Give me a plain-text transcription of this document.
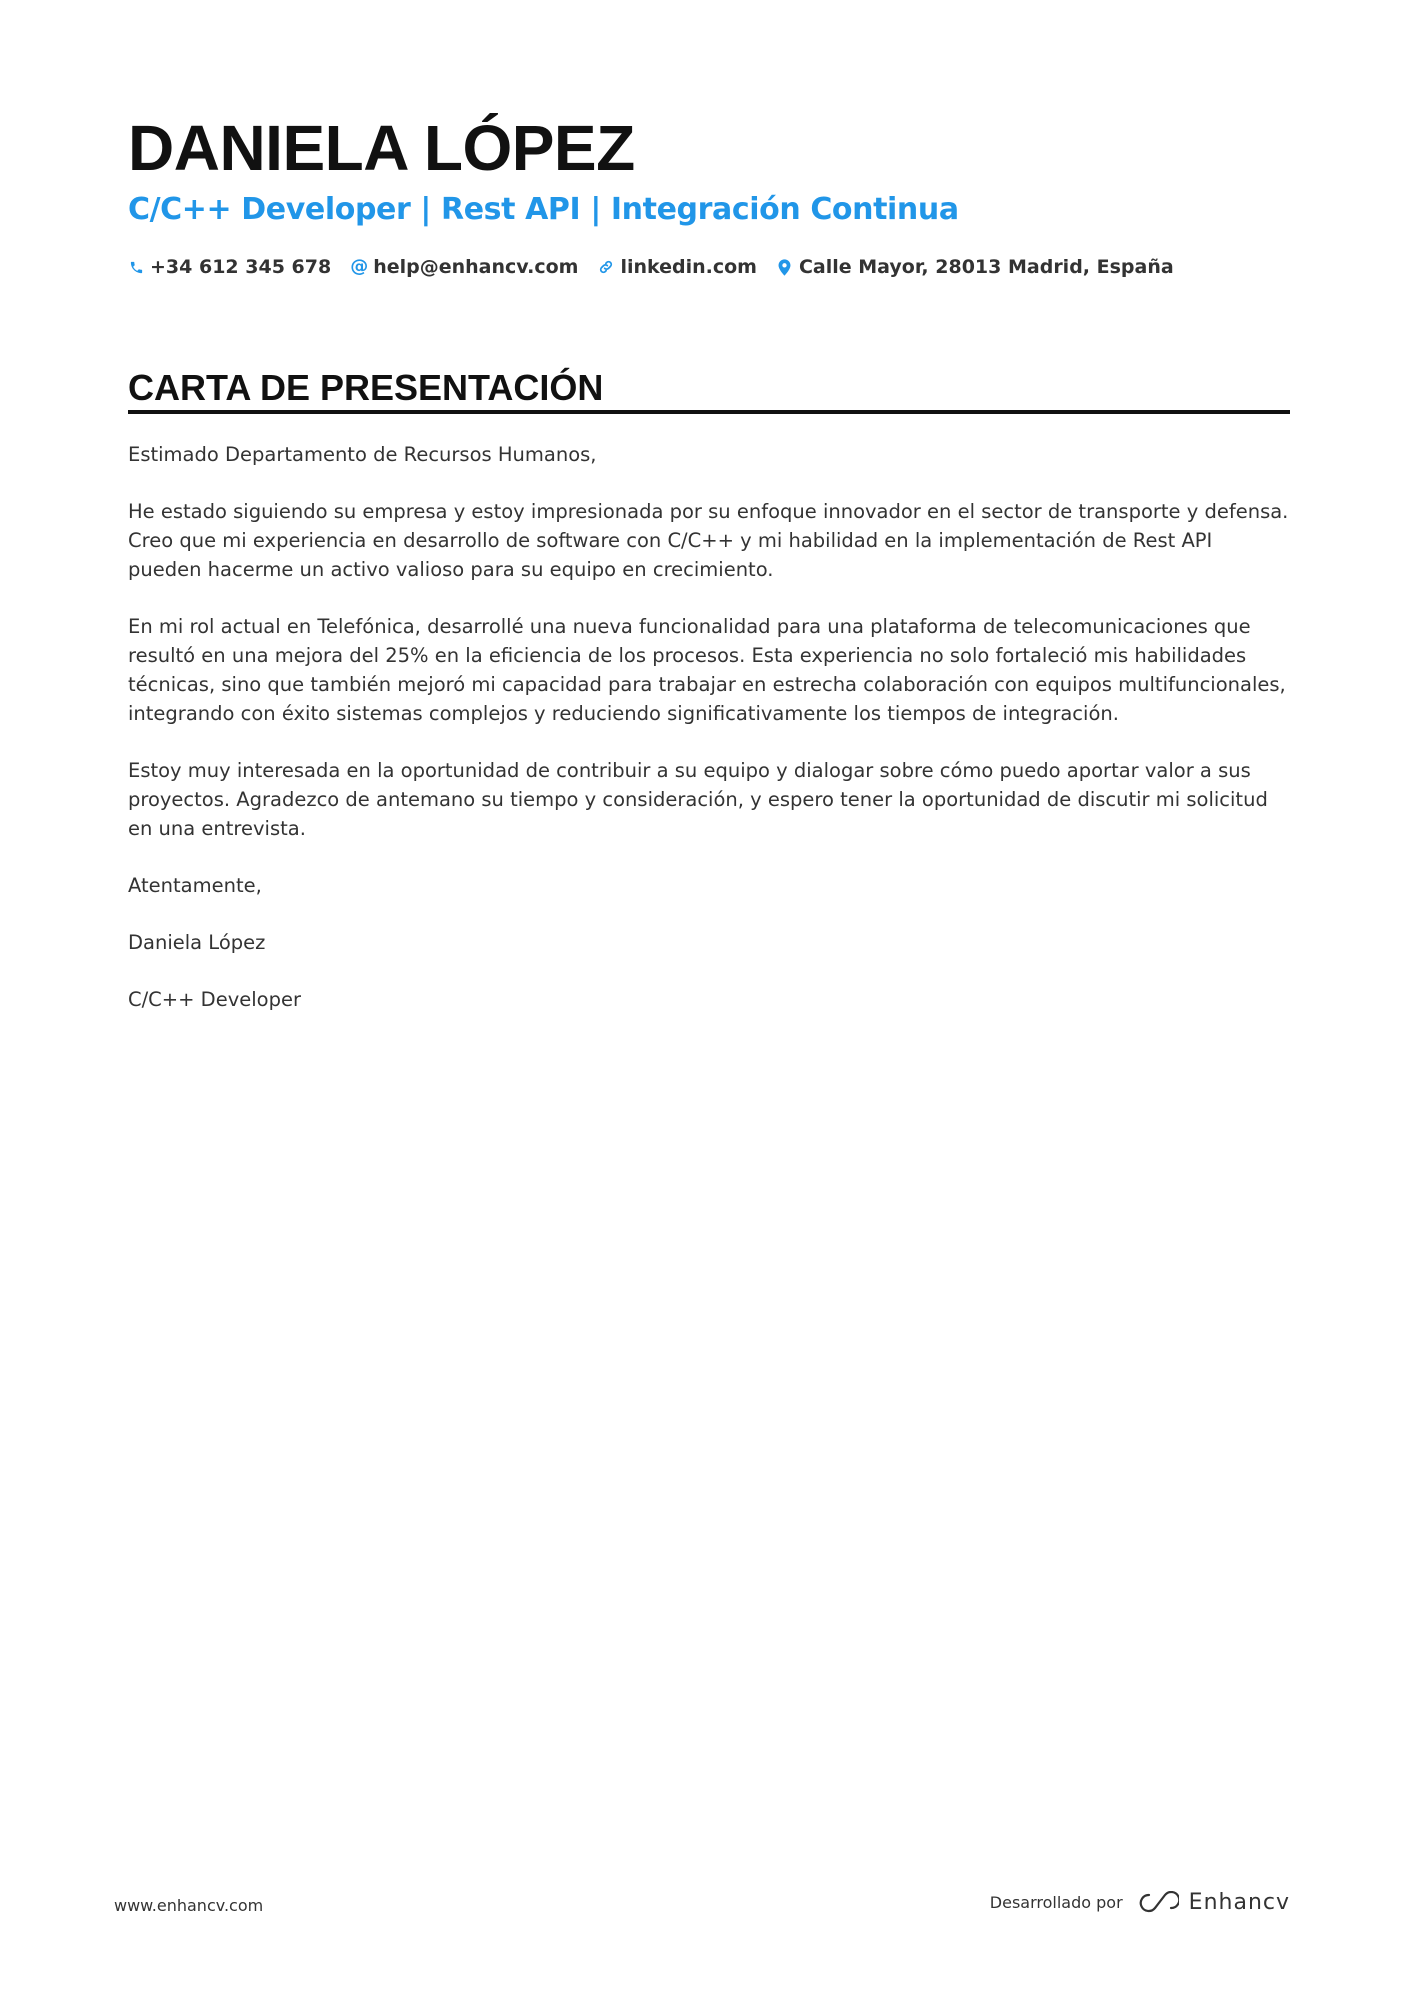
DANIELA LÓPEZ
C/C++ Developer | Rest API | Integración Continua
+34 612 345 678 @ help@enhancv.com linkedin.com Calle Mayor, 28013 Madrid, España
CARTA DE PRESENTACIÓN

Estimado Departamento de Recursos Humanos,

He estado siguiendo su empresa y estoy impresionada por su enfoque innovador en el sector de transporte y defensa. Creo que mi experiencia en desarrollo de software con C/C++ y mi habilidad en la implementación de Rest API pueden hacerme un activo valioso para su equipo en crecimiento.

En mi rol actual en Telefónica, desarrollé una nueva funcionalidad para una plataforma de telecomunicaciones que resultó en una mejora del 25% en la eficiencia de los procesos. Esta experiencia no solo fortaleció mis habilidades técnicas, sino que también mejoró mi capacidad para trabajar en estrecha colaboración con equipos multifuncionales, integrando con éxito sistemas complejos y reduciendo significativamente los tiempos de integración.

Estoy muy interesada en la oportunidad de contribuir a su equipo y dialogar sobre cómo puedo aportar valor a sus proyectos. Agradezco de antemano su tiempo y consideración, y espero tener la oportunidad de discutir mi solicitud en una entrevista.

Atentamente,

Daniela López

C/C++ Developer

www.enhancv.com	Desarrollado por	Enhancv
